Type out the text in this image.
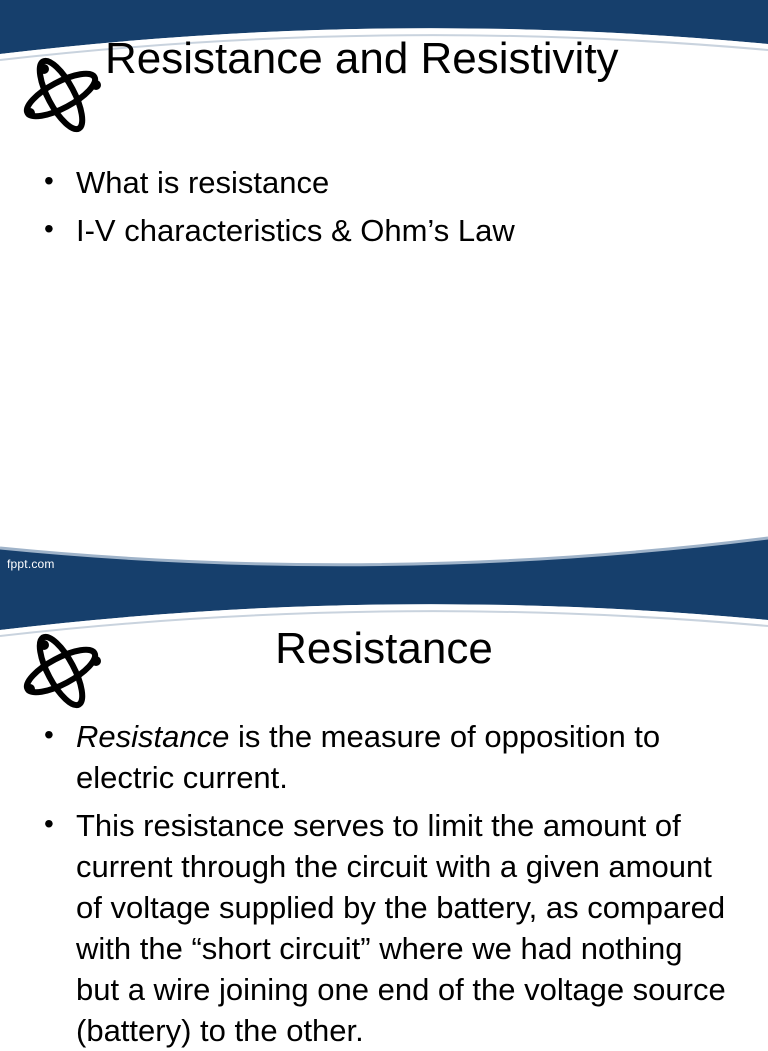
Resistance and Resistivity
• What is resistance
• I-V characteristics & Ohm’s Law
fppt.com
Resistance
• Resistance is the measure of opposition to electric current.
• This resistance serves to limit the amount of current through the circuit with a given amount of voltage supplied by the battery, as compared with the “short circuit” where we had nothing but a wire joining one end of the voltage source (battery) to the other.
